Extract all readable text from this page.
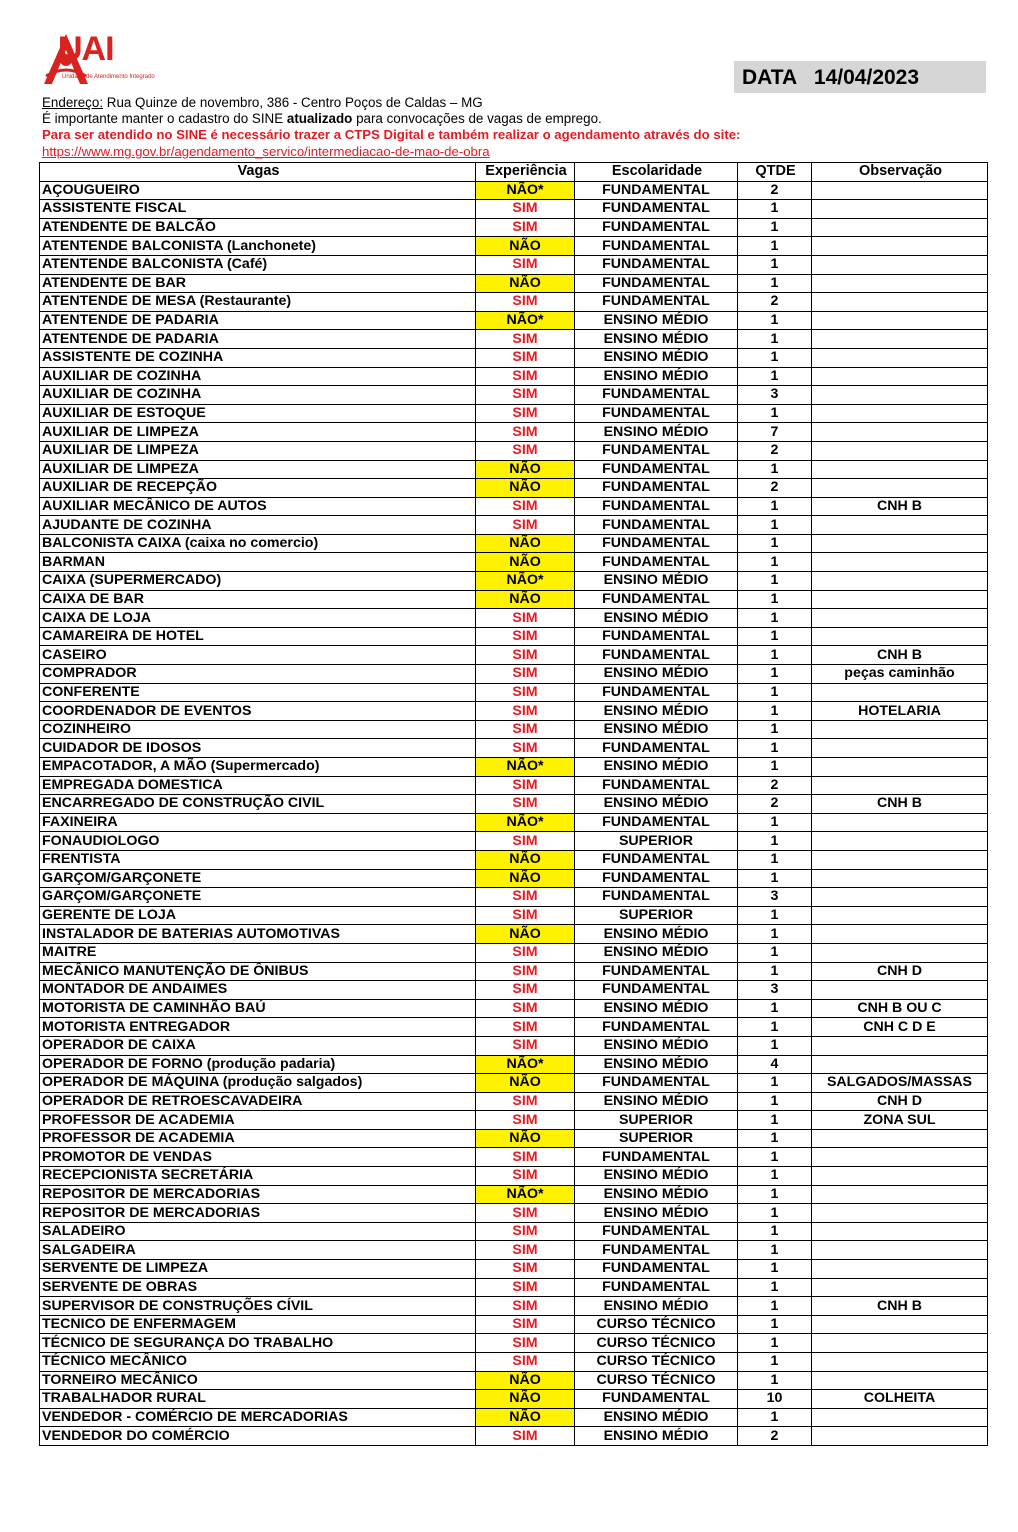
UAI
Unidade de Atendimento Integrado	DATA   14/04/2023
Endereço: Rua Quinze de novembro, 386 - Centro Poços de Caldas – MG
É importante manter o cadastro do SINE atualizado para convocações de vagas de emprego.
Para ser atendido no SINE é necessário trazer a CTPS Digital e também realizar o agendamento através do site:
https://www.mg.gov.br/agendamento_servico/intermediacao-de-mao-de-obra
Vagas	Experiência	Escolaridade	QTDE	Observação
AÇOUGUEIRO	NÃO*	FUNDAMENTAL	2	
ASSISTENTE FISCAL	SIM	FUNDAMENTAL	1	
ATENDENTE DE BALCÃO	SIM	FUNDAMENTAL	1	
ATENTENDE BALCONISTA (Lanchonete)	NÃO	FUNDAMENTAL	1	
ATENTENDE BALCONISTA (Café)	SIM	FUNDAMENTAL	1	
ATENDENTE DE BAR	NÃO	FUNDAMENTAL	1	
ATENTENDE DE MESA (Restaurante)	SIM	FUNDAMENTAL	2	
ATENTENDE DE PADARIA	NÃO*	ENSINO MÉDIO	1	
ATENTENDE DE PADARIA	SIM	ENSINO MÉDIO	1	
ASSISTENTE DE COZINHA	SIM	ENSINO MÉDIO	1	
AUXILIAR DE COZINHA	SIM	ENSINO MÉDIO	1	
AUXILIAR DE COZINHA	SIM	FUNDAMENTAL	3	
AUXILIAR DE ESTOQUE	SIM	FUNDAMENTAL	1	
AUXILIAR DE LIMPEZA	SIM	ENSINO MÉDIO	7	
AUXILIAR DE LIMPEZA	SIM	FUNDAMENTAL	2	
AUXILIAR DE LIMPEZA	NÃO	FUNDAMENTAL	1	
AUXILIAR DE RECEPÇÃO	NÃO	FUNDAMENTAL	2	
AUXILIAR MECÂNICO DE AUTOS	SIM	FUNDAMENTAL	1	CNH B
AJUDANTE DE COZINHA	SIM	FUNDAMENTAL	1	
BALCONISTA CAIXA (caixa no comercio)	NÃO	FUNDAMENTAL	1	
BARMAN	NÃO	FUNDAMENTAL	1	
CAIXA (SUPERMERCADO)	NÃO*	ENSINO MÉDIO	1	
CAIXA DE BAR	NÃO	FUNDAMENTAL	1	
CAIXA DE LOJA	SIM	ENSINO MÉDIO	1	
CAMAREIRA DE HOTEL	SIM	FUNDAMENTAL	1	
CASEIRO	SIM	FUNDAMENTAL	1	CNH B
COMPRADOR	SIM	ENSINO MÉDIO	1	peças caminhão
CONFERENTE	SIM	FUNDAMENTAL	1	
COORDENADOR DE EVENTOS	SIM	ENSINO MÉDIO	1	HOTELARIA
COZINHEIRO	SIM	ENSINO MÉDIO	1	
CUIDADOR DE IDOSOS	SIM	FUNDAMENTAL	1	
EMPACOTADOR, A MÃO (Supermercado)	NÃO*	ENSINO MÉDIO	1	
EMPREGADA DOMESTICA	SIM	FUNDAMENTAL	2	
ENCARREGADO DE CONSTRUÇÃO CIVIL	SIM	ENSINO MÉDIO	2	CNH B
FAXINEIRA	NÃO*	FUNDAMENTAL	1	
FONAUDIOLOGO	SIM	SUPERIOR	1	
FRENTISTA	NÃO	FUNDAMENTAL	1	
GARÇOM/GARÇONETE	NÃO	FUNDAMENTAL	1	
GARÇOM/GARÇONETE	SIM	FUNDAMENTAL	3	
GERENTE DE LOJA	SIM	SUPERIOR	1	
INSTALADOR DE BATERIAS AUTOMOTIVAS	NÃO	ENSINO MÉDIO	1	
MAITRE	SIM	ENSINO MÉDIO	1	
MECÂNICO MANUTENÇÃO DE ÔNIBUS	SIM	FUNDAMENTAL	1	CNH D
MONTADOR DE ANDAIMES	SIM	FUNDAMENTAL	3	
MOTORISTA DE CAMINHÃO BAÚ	SIM	ENSINO MÉDIO	1	CNH B OU C
MOTORISTA ENTREGADOR	SIM	FUNDAMENTAL	1	CNH C D E
OPERADOR DE CAIXA	SIM	ENSINO MÉDIO	1	
OPERADOR DE FORNO (produção padaria)	NÃO*	ENSINO MÉDIO	4	
OPERADOR DE MÁQUINA (produção salgados)	NÃO	FUNDAMENTAL	1	SALGADOS/MASSAS
OPERADOR DE RETROESCAVADEIRA	SIM	ENSINO MÉDIO	1	CNH D
PROFESSOR DE ACADEMIA	SIM	SUPERIOR	1	ZONA SUL
PROFESSOR DE ACADEMIA	NÃO	SUPERIOR	1	
PROMOTOR DE VENDAS	SIM	FUNDAMENTAL	1	
RECEPCIONISTA SECRETÁRIA	SIM	ENSINO MÉDIO	1	
REPOSITOR DE MERCADORIAS	NÃO*	ENSINO MÉDIO	1	
REPOSITOR DE MERCADORIAS	SIM	ENSINO MÉDIO	1	
SALADEIRO	SIM	FUNDAMENTAL	1	
SALGADEIRA	SIM	FUNDAMENTAL	1	
SERVENTE DE LIMPEZA	SIM	FUNDAMENTAL	1	
SERVENTE DE OBRAS	SIM	FUNDAMENTAL	1	
SUPERVISOR DE CONSTRUÇÕES CÍVIL	SIM	ENSINO MÉDIO	1	CNH B
TECNICO DE ENFERMAGEM	SIM	CURSO TÉCNICO	1	
TÉCNICO DE SEGURANÇA DO TRABALHO	SIM	CURSO TÉCNICO	1	
TÉCNICO MECÂNICO	SIM	CURSO TÉCNICO	1	
TORNEIRO MECÂNICO	NÃO	CURSO TÉCNICO	1	
TRABALHADOR RURAL	NÃO	FUNDAMENTAL	10	COLHEITA
VENDEDOR - COMÉRCIO DE MERCADORIAS	NÃO	ENSINO MÉDIO	1	
VENDEDOR DO COMÉRCIO	SIM	ENSINO MÉDIO	2	
